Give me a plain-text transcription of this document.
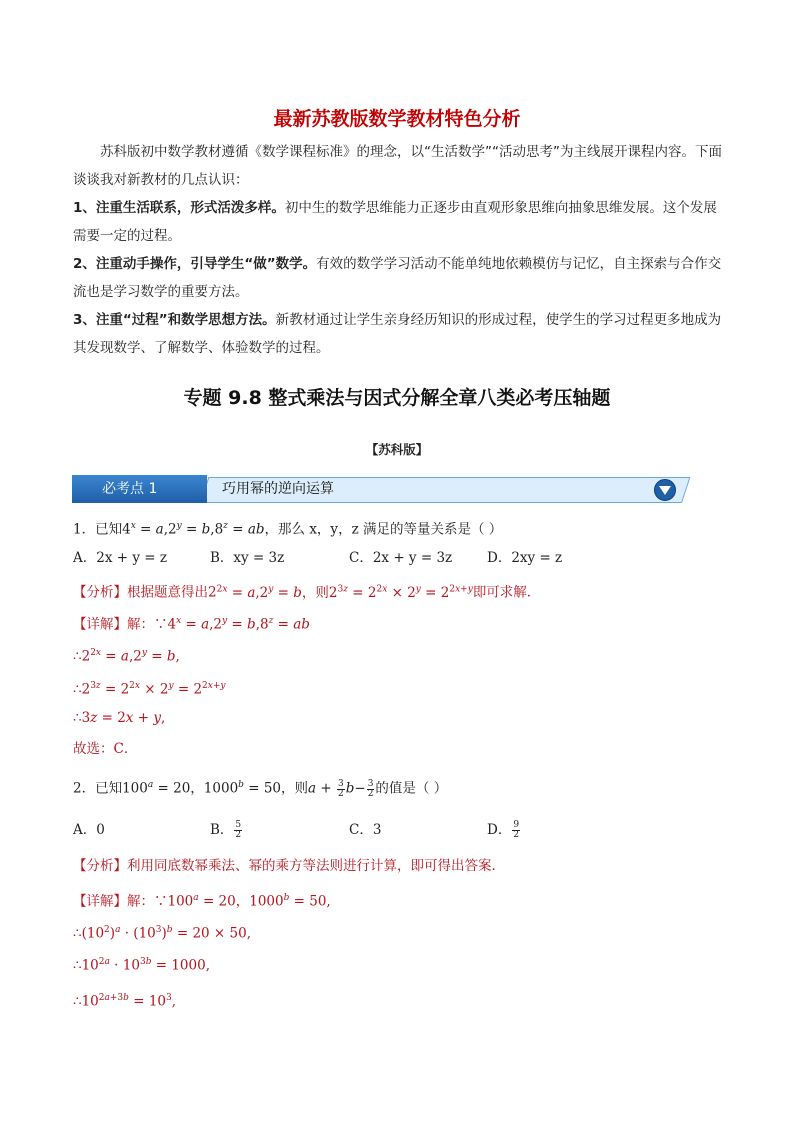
最新苏教版数学教材特色分析
苏科版初中数学教材遵循《数学课程标准》的理念，以“生活数学”“活动思考”为主线展开课程内容。下面谈谈我对新教材的几点认识：
1、注重生活联系，形式活泼多样。初中生的数学思维能力正逐步由直观形象思维向抽象思维发展。这个发展需要一定的过程。
2、注重动手操作，引导学生“做”数学。有效的数学学习活动不能单纯地依赖模仿与记忆，自主探索与合作交流也是学习数学的重要方法。
3、注重“过程”和数学思想方法。新教材通过让学生亲身经历知识的形成过程，使学生的学习过程更多地成为其发现数学、了解数学、体验数学的过程。
专题 9.8 整式乘法与因式分解全章八类必考压轴题
【苏科版】
必考点 1	巧用幂的逆向运算
1．已知$4^x = a,2^y = b,8^z$ = ab，那么 x，y，z 满足的等量关系是（ ）
A．2x + y = z	B．xy = 3z	C．2x + y = 3z	D．2xy = z
【分析】根据题意得出$2^{2x} = a,2^y = b$，则$2^{3z} = 2^{2x} \times 2^y = 2^{2x+y}$即可求解．
【详解】解：$\because 4^x = a,2^y = b,8^z$ = ab
$\therefore 2^{2x} = a,2^y = b$,
$\therefore 2^{3z} = 2^{2x} \times 2^y = 2^{2x+y}$
∴3z = 2x + y,
故选：C．
2．已知$100^a = 20$，$1000^b = 50$，则$a + \frac{3}{2} b- \frac{3}{2}$ 的值是（ ）
A．0	B． $\frac{5}{2}$	C．3	D． $\frac{9}{2}$
【分析】利用同底数幂乘法、幂的乘方等法则进行计算，即可得出答案．
【详解】解：$\because 100^a = 20$，$1000^b = 50$,
$\therefore(10^2)^a \cdot (10^3)^b = 20 \times 50$,
$\therefore 10^{2a} \cdot 10^{3b} = 1000$,
$\therefore 10^{2a+3b} = 10^3$,
